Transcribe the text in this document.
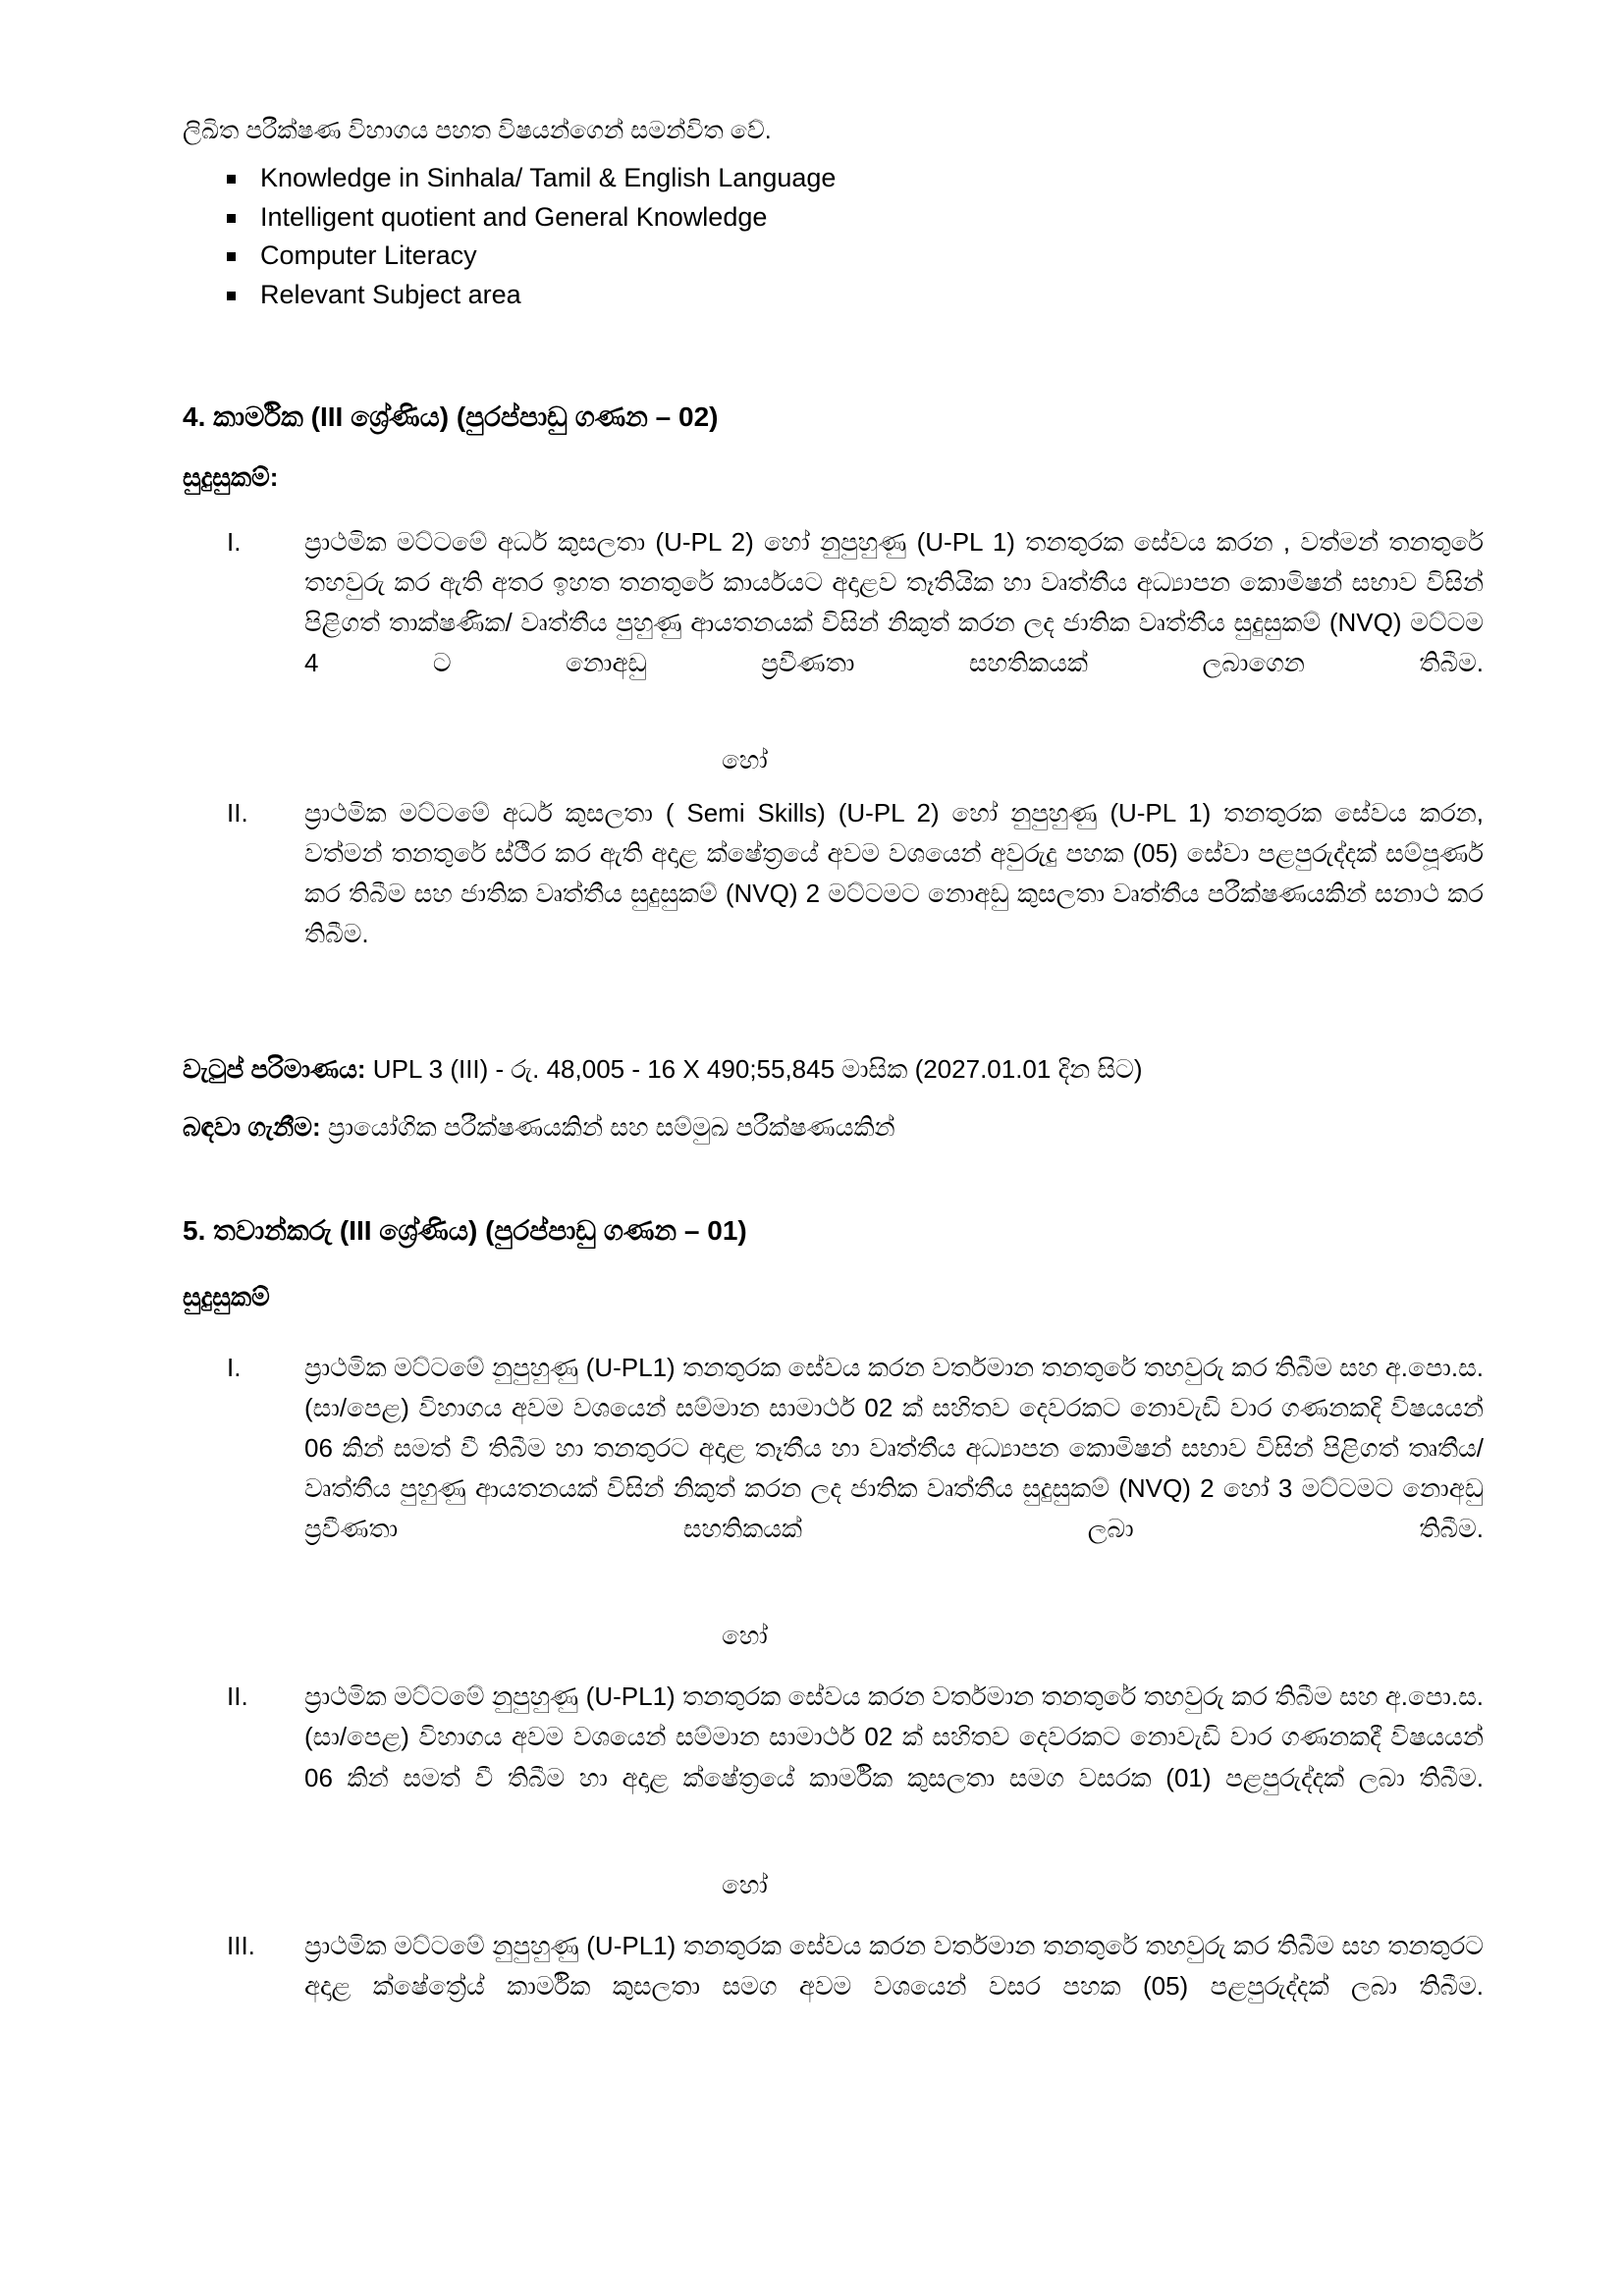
ලිඛිත පරීක්ෂණ විහාගය පහත විෂයන්ගෙන් සමන්විත වේ.

Knowledge in Sinhala/ Tamil & English Language
Intelligent quotient and General Knowledge
Computer Literacy
Relevant Subject area
4. කාර්මික (III ශ්‍රේණිය) (පුරප්පාඩු ගණන – 02)

සුදුසුකම්:

I.	ප්‍රාථමික මට්ටමේ අර්ධ කුසලතා (U-PL 2) හෝ නුපුහුණු (U-PL 1) තනතුරක සේවය කරන , වත්මන් තනතුරේ තහවුරු කර ඇති අතර ඉහත තනතුරේ කාර්යයට අදාළව තෑතියික හා වෘත්තීය අධ්‍යාපන කොමිෂන් සභාව විසින් පිළිගත් තාක්ෂණික/ වෘත්තීය පුහුණු ආයතනයක් විසින් නිකුත් කරන ලද ජාතික වෘත්තීය සුදුසුකම් (NVQ) මට්ටම 4 ට නොඅඩු ප්‍රවීණතා සහතිකයක් ලබාගෙන තිබීම.

හෝ

II.	ප්‍රාථමික මට්ටමේ අර්ධ කුසලතා ( Semi Skills) (U-PL 2) හෝ නුපුහුණු (U-PL 1) තනතුරක සේවය කරන, වත්මන් තනතුරේ ස්ථීර කර ඇති අදාළ ක්ෂේත්‍රයේ අවම වශයෙන් අවුරුදු පහක (05) සේවා පළපුරුද්දක් සම්පූර්ණ කර තිබීම සහ ජාතික වෘත්තීය සුදුසුකම් (NVQ) 2 මට්ටමට නොඅඩු කුසලතා වෘත්තීය පරීක්ෂණයකින් සනාථ කර තිබීම.

වැටුප් පරිමාණය: UPL 3 (III) - රු. 48,005 - 16 X 490;55,845 මාසික (2027.01.01 දින සිට)

බඳවා ගැනීම: ප්‍රායෝගික පරීක්ෂණයකින් සහ සම්මුඛ පරීක්ෂණයකින්

5. තවාන්කරු (III ශ්‍රේණිය) (පුරප්පාඩු ගණන – 01)

සුදුසුකම්

I.	ප්‍රාථමික මට්ටමේ නුපුහුණු (U-PL1) තනතුරක සේවය කරන වර්තමාන තනතුරේ තහවුරු කර තිබීම සහ අ.පො.ස.(සා/පෙළ) විහාගය අවම වශයෙන් සම්මාන සාමාර්ථ 02 ක් සහිතව දෙවරකට නොවැඩි වාර ගණනකදි විෂයයන් 06 කින් සමත් වී තිබීම හා තනතුරට අදාළ තෑතීය හා වෘත්තීය අධ්‍යාපන කොමිෂන් සභාව විසින් පිළිගත් තෘතීය/වෘත්තීය පුහුණු ආයතනයක් විසින් නිකුත් කරන ලද ජාතික වෘත්තීය සුදුසුකම් (NVQ) 2 හෝ 3 මට්ටමට නොඅඩු ප්‍රවීණතා සහතිකයක් ලබා තිබීම.

හෝ

II.	ප්‍රාථමික මට්ටමේ නුපුහුණු (U-PL1) තනතුරක සේවය කරන වර්තමාන තනතුරේ තහවුරු කර තිබීම සහ අ.පො.ස.(සා/පෙළ) විහාගය අවම වශයෙන් සම්මාන සාමාර්ථ 02 ක් සහිතව දෙවරකට නොවැඩි වාර ගණනකදී විෂයයන් 06 කින් සමත් වී තිබීම හා අදාළ ක්ෂේත්‍රයේ කාර්මික කුසලතා සමග වසරක (01) පළපුරුද්දක් ලබා තිබීම.

හෝ

III.	ප්‍රාථමික මට්ටමේ නුපුහුණු (U-PL1) තනතුරක සේවය කරන වර්තමාන තනතුරේ තහවුරු කර තිබීම සහ තනතුරට අදාළ ක්ෂේත්‍රේය් කාර්මික කුසලතා සමග අවම වශයෙන් වසර පහක (05) පළපුරුද්දක් ලබා තිබීම.
